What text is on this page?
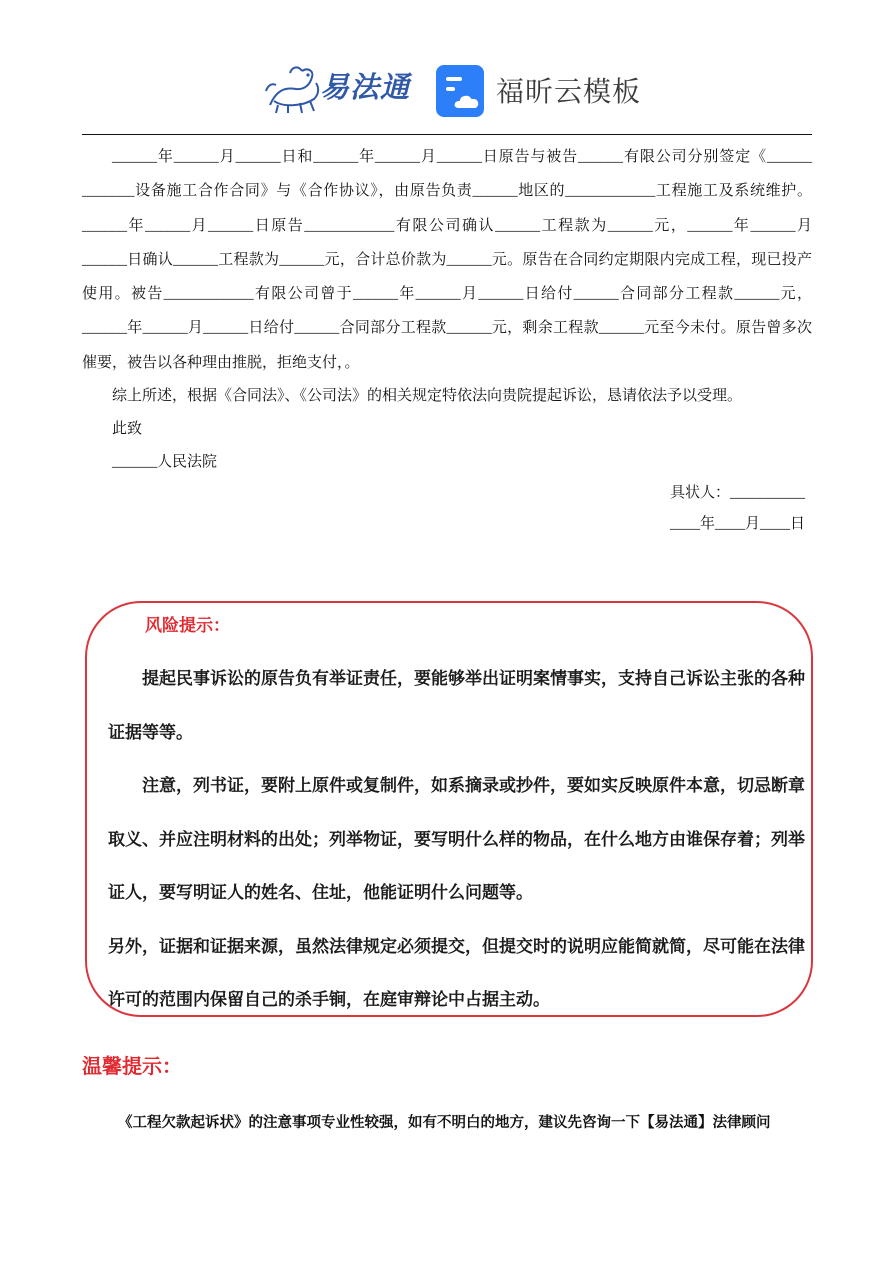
易法通	福昕云模板

______年______月______日和______年______月______日原告与被告______有限公司分别签定《______ _______设备施工合作合同》与《合作协议》，由原告负责______地区的____________工程施工及系统维护。______年______月______日原告____________有限公司确认______工程款为______元，______年______月______日确认______工程款为______元，合计总价款为______元。原告在合同约定期限内完成工程，现已投产使用。被告____________有限公司曾于______年______月______日给付______合同部分工程款______元，______年______月______日给付______合同部分工程款______元，剩余工程款______元至今未付。原告曾多次催要，被告以各种理由推脱，拒绝支付，。

综上所述，根据《合同法》、《公司法》的相关规定特依法向贵院提起诉讼，恳请依法予以受理。

此致

______人民法院

具状人：__________
____年____月____日
风险提示：

提起民事诉讼的原告负有举证责任，要能够举出证明案情事实，支持自己诉讼主张的各种证据等等。

注意，列书证，要附上原件或复制件，如系摘录或抄件，要如实反映原件本意，切忌断章取义、并应注明材料的出处；列举物证，要写明什么样的物品，在什么地方由谁保存着；列举证人，要写明证人的姓名、住址，他能证明什么问题等。

另外，证据和证据来源，虽然法律规定必须提交，但提交时的说明应能简就简，尽可能在法律许可的范围内保留自己的杀手锏，在庭审辩论中占据主动。

温馨提示：
《工程欠款起诉状》的注意事项专业性较强，如有不明白的地方，建议先咨询一下【易法通】法律顾问
